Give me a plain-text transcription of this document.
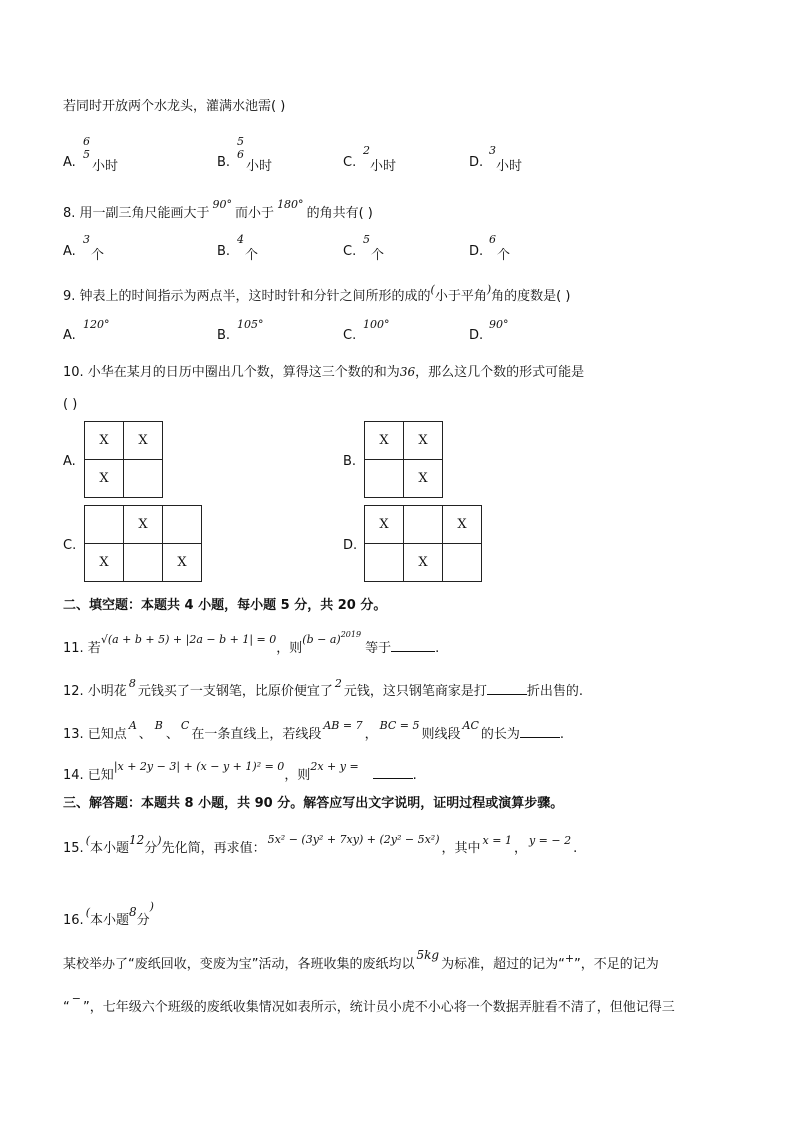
若同时开放两个水龙头，灌满水池需( )
A.
6
5
小时	B.
5
6
小时	C.
2
小时	D.
3
小时
8. 用一副三角尺能画大于$^{90^\circ}$而小于$^{180^\circ}$的角共有( )
A.
3
个	B.
4
个	C.
5
个	D.
6
个
9. 钟表上的时间指示为两点半，这时时针和分针之间所形的成的(小于平角)角的度数是( )
A.
120°
B.
105°
C.
100°
D.
90°
10. 小华在某月的日历中圈出几个数，算得这三个数的和为36，那么这几个数的形式可能是
( )
A.
X	X
X	
B.
X	X
	X
C.
	X	
X		X
D.
X		X
	X	
二、填空题：本题共 4 小题，每小题 5 分，共 20 分。
11. 若$^{√(a + b + 5) + |2a - b + 1| = 0}$，则$^{(b - a)2019}$等于	.
12. 小明花$^8$元钱买了一支钢笔，比原价便宜了$^2$元钱，这只钢笔商家是打	折出售的.
13. 已知点$^A$、$^B$、$^C$在一条直线上，若线段$^{AB = 7}$，$^{BC = 5}$则线段$^{AC}$的长为	.
14. 已知$^{|x + 2y - 3| + (x - y + 1)^2 = 0}$，则$^{2x + y =}$.
三、解答题：本题共 8 小题，共 90 分。解答应写出文字说明，证明过程或演算步骤。
15.(本小题12分)先化简，再求值：$^{5x^2 - (3y^2 + 7xy) + (2y^2 - 5x^2)}$，其中$^{x = 1}$，$^{y = - 2}$.
16.(本小题8分)
某校举办了“废纸回收，变废为宝”活动，各班收集的废纸均以5kg为标准，超过的记为“+”，不足的记为
“−”，七年级六个班级的废纸收集情况如表所示，统计员小虎不小心将一个数据弄脏看不清了，但他记得三
